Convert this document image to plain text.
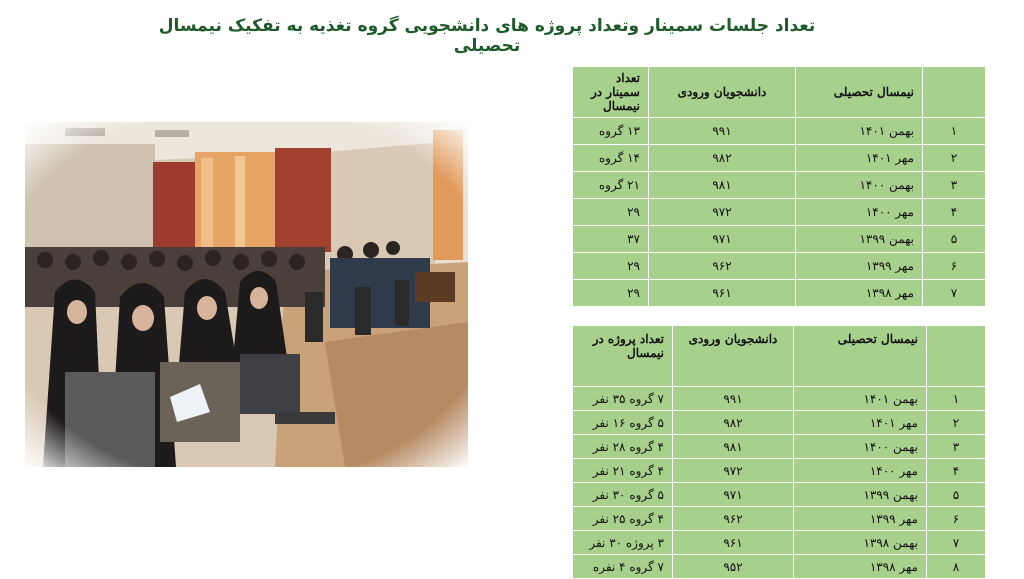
تعداد جلسات سمینار وتعداد پروژه های دانشجویی گروه تغذیه به تفکیک نیمسال تحصیلی
	نیمسال تحصیلی	دانشجویان ورودی	تعداد سمینار در نیمسال
۱	بهمن ۱۴۰۱	۹۹۱	۱۳ گروه
۲	مهر ۱۴۰۱	۹۸۲	۱۴ گروه
۳	بهمن ۱۴۰۰	۹۸۱	۲۱ گروه
۴	مهر ۱۴۰۰	۹۷۲	۲۹
۵	بهمن ۱۳۹۹	۹۷۱	۳۷
۶	مهر ۱۳۹۹	۹۶۲	۲۹
۷	مهر ۱۳۹۸	۹۶۱	۲۹
	نیمسال تحصیلی	دانشجویان ورودی	تعداد پروژه در نیمسال
۱	بهمن ۱۴۰۱	۹۹۱	۷ گروه ۳۵ نفر
۲	مهر ۱۴۰۱	۹۸۲	۵ گروه ۱۶ نفر
۳	بهمن ۱۴۰۰	۹۸۱	۴ گروه ۲۸ نفر
۴	مهر ۱۴۰۰	۹۷۲	۴ گروه ۲۱ نفر
۵	بهمن ۱۳۹۹	۹۷۱	۵ گروه ۳۰ نفر
۶	مهر ۱۳۹۹	۹۶۲	۴ گروه ۲۵ نفر
۷	بهمن ۱۳۹۸	۹۶۱	۳ پروژه ۳۰ نفر
۸	مهر ۱۳۹۸	۹۵۲	۷ گروه ۴ نفره
